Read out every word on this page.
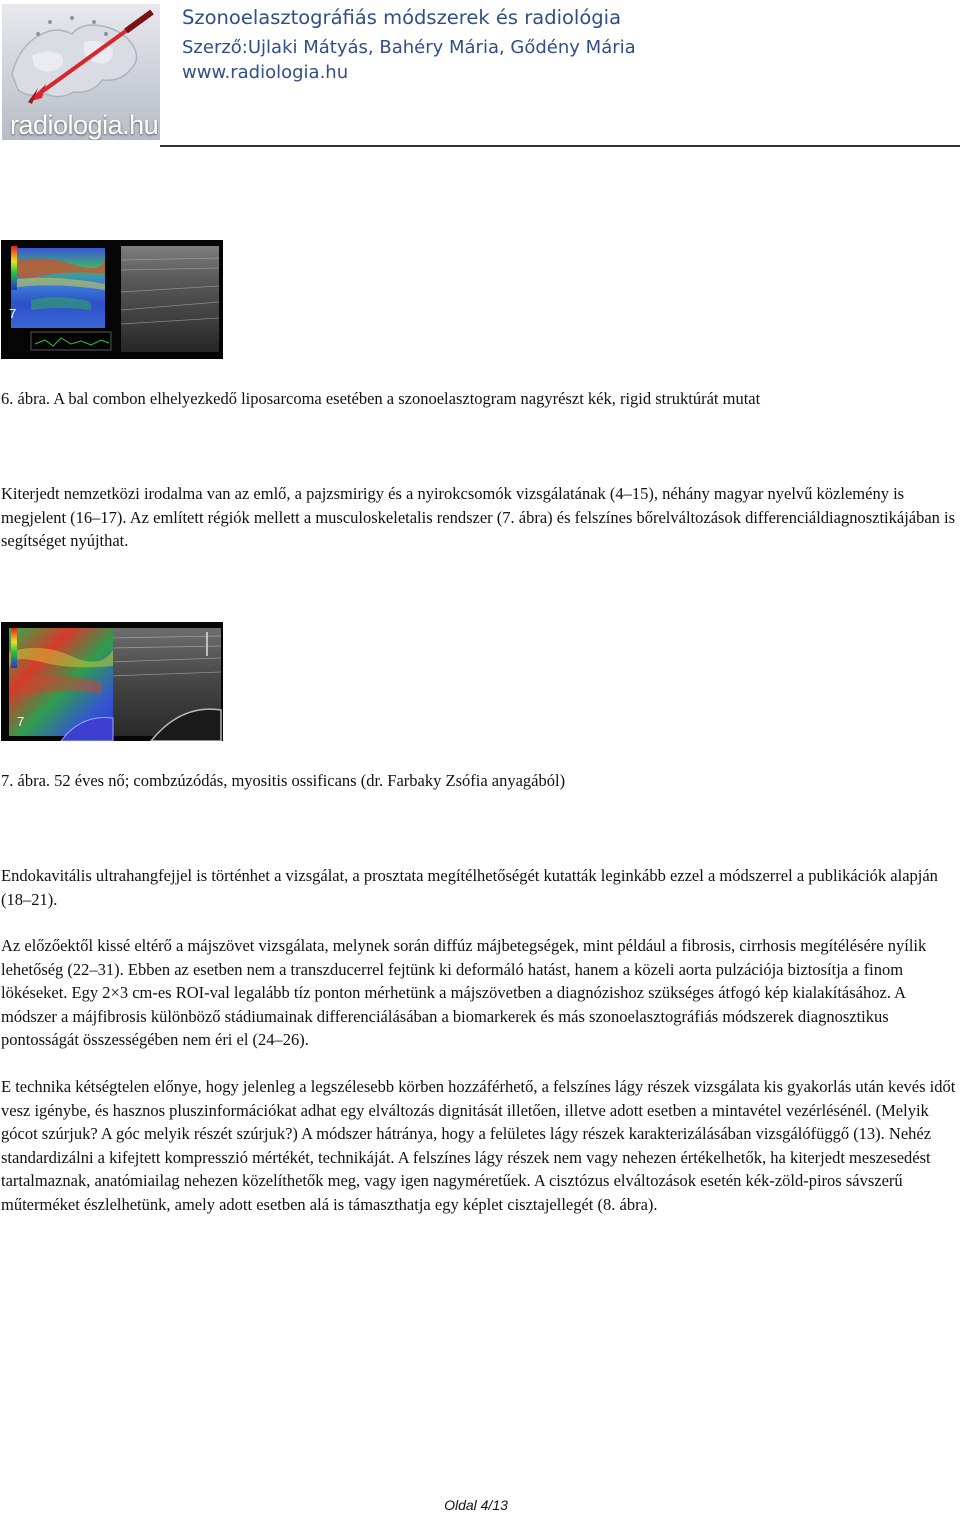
radiologia.hu
Szonoelasztográfiás módszerek és radiológia
Szerző:Ujlaki Mátyás, Bahéry Mária, Gődény Mária
www.radiologia.hu
7
6. ábra. A bal combon elhelyezkedő liposarcoma esetében a szonoelasztogram nagyrészt kék, rigid struktúrát mutat

Kiterjedt nemzetközi irodalma van az emlő, a pajzsmirigy és a nyirokcsomók vizsgálatának (4–15), néhány magyar nyelvű közlemény is megjelent (16–17). Az említett régiók mellett a musculoskeletalis rendszer (7. ábra) és felszínes bőrelváltozások differenciáldiagnosztikájában is segítséget nyújthat.

7
7. ábra. 52 éves nő; combzúzódás, myositis ossificans (dr. Farbaky Zsófia anyagából)

Endokavitális ultrahangfejjel is történhet a vizsgálat, a prosztata megítélhetőségét kutatták leginkább ezzel a módszerrel a publikációk alapján (18–21).

Az előzőektől kissé eltérő a májszövet vizsgálata, melynek során diffúz májbetegségek, mint például a fibrosis, cirrhosis megítélésére nyílik lehetőség (22–31). Ebben az esetben nem a transzducerrel fejtünk ki deformáló hatást, hanem a közeli aorta pulzációja biztosítja a finom lökéseket. Egy 2×3 cm-es ROI-val legalább tíz ponton mérhetünk a májszövetben a diagnózishoz szükséges átfogó kép kialakításához. A módszer a májfibrosis különböző stádiumainak differenciálásában a biomarkerek és más szonoelasztográfiás módszerek diagnosztikus pontosságát összességében nem éri el (24–26).

E technika kétségtelen előnye, hogy jelenleg a legszélesebb körben hozzáférhető, a felszínes lágy részek vizsgálata kis gyakorlás után kevés időt vesz igénybe, és hasznos pluszinformációkat adhat egy elváltozás dignitását illetően, illetve adott esetben a mintavétel vezérlésénél. (Melyik gócot szúrjuk? A góc melyik részét szúrjuk?) A módszer hátránya, hogy a felületes lágy részek karakterizálásában vizsgálófüggő (13). Nehéz standardizálni a kifejtett kompresszió mértékét, technikáját. A felszínes lágy részek nem vagy nehezen értékelhetők, ha kiterjedt meszesedést tartalmaznak, anatómiailag nehezen közelíthetők meg, vagy igen nagyméretűek. A cisztózus elváltozások esetén kék-zöld-piros sávszerű műterméket észlelhetünk, amely adott esetben alá is támaszthatja egy képlet cisztajellegét (8. ábra).

Oldal 4/13
